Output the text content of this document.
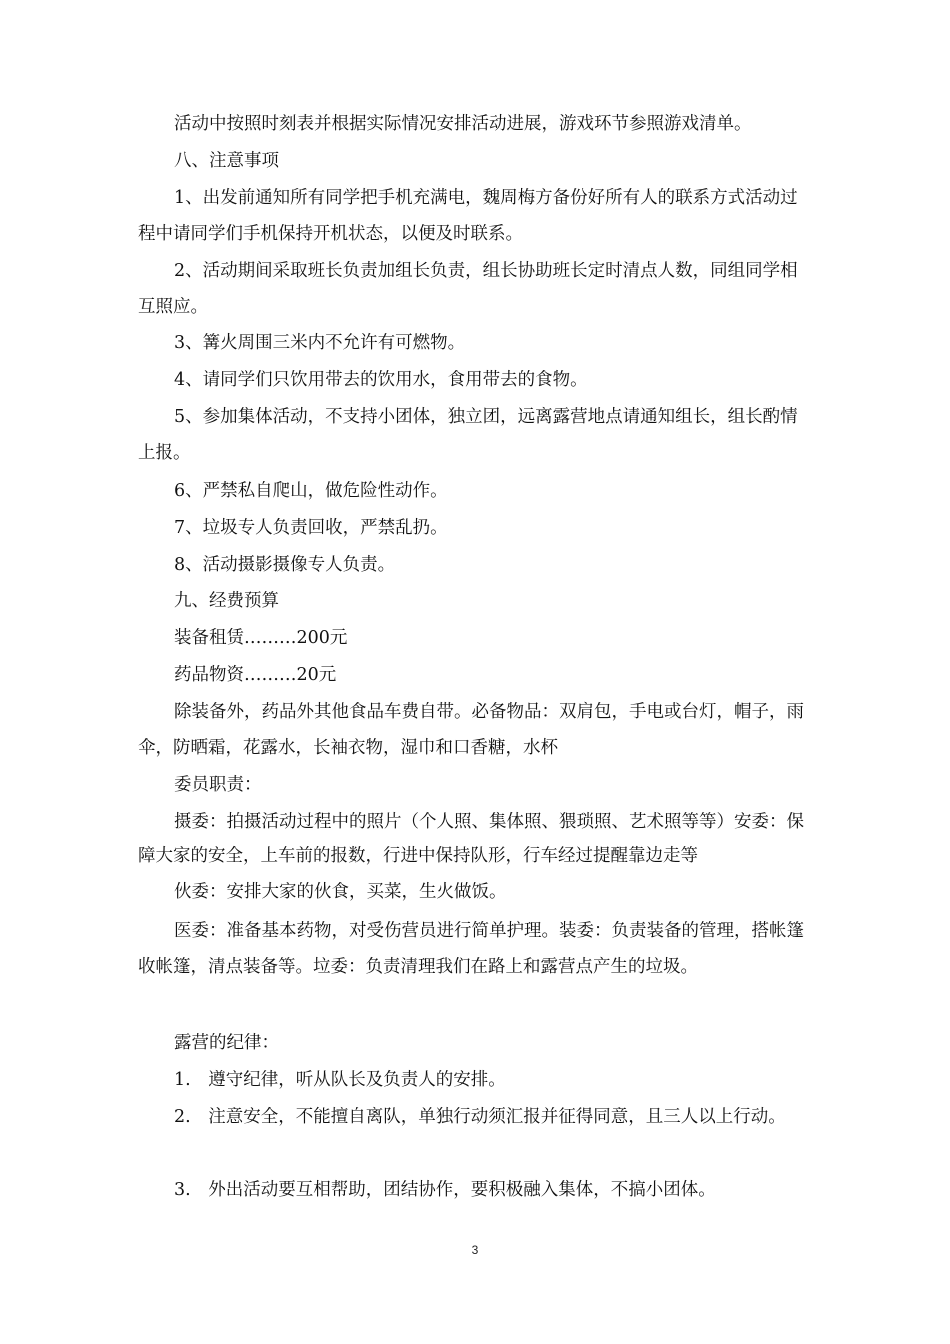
活动中按照时刻表并根据实际情况安排活动进展，游戏环节参照游戏清单。

八、注意事项

1、出发前通知所有同学把手机充满电，魏周梅方备份好所有人的联系方式活动过程中请同学们手机保持开机状态，以便及时联系。

2、活动期间采取班长负责加组长负责，组长协助班长定时清点人数，同组同学相互照应。

3、篝火周围三米内不允许有可燃物。

4、请同学们只饮用带去的饮用水，食用带去的食物。

5、参加集体活动，不支持小团体，独立团，远离露营地点请通知组长，组长酌情上报。

6、严禁私自爬山，做危险性动作。

7、垃圾专人负责回收，严禁乱扔。

8、活动摄影摄像专人负责。

九、经费预算

装备租赁………200元

药品物资………20元

除装备外，药品外其他食品车费自带。必备物品：双肩包，手电或台灯，帽子，雨伞，防晒霜，花露水，长袖衣物，湿巾和口香糖，水杯

委员职责：

摄委：拍摄活动过程中的照片（个人照、集体照、猥琐照、艺术照等等）安委：保障大家的安全，上车前的报数，行进中保持队形，行车经过提醒靠边走等

伙委：安排大家的伙食，买菜，生火做饭。

医委：准备基本药物，对受伤营员进行简单护理。装委：负责装备的管理，搭帐篷收帐篷，清点装备等。垃委：负责清理我们在路上和露营点产生的垃圾。

露营的纪律：

1.　遵守纪律，听从队长及负责人的安排。

2.　注意安全，不能擅自离队，单独行动须汇报并征得同意，且三人以上行动。

3.　外出活动要互相帮助，团结协作，要积极融入集体，不搞小团体。

3
